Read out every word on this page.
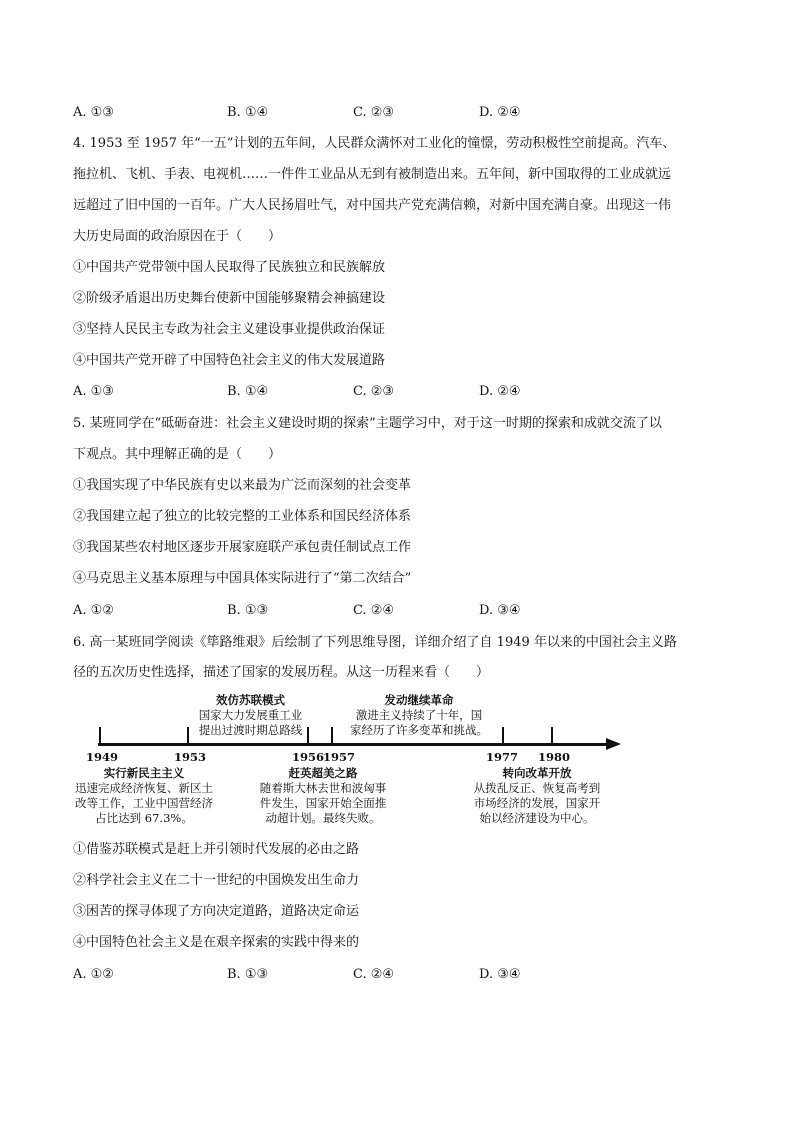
A. ①③	B. ①④	C. ②③	D. ②④
4. 1953 至 1957 年“一五”计划的五年间，人民群众满怀对工业化的憧憬，劳动积极性空前提高。汽车、
拖拉机、飞机、手表、电视机……一件件工业品从无到有被制造出来。五年间，新中国取得的工业成就远
远超过了旧中国的一百年。广大人民扬眉吐气，对中国共产党充满信赖，对新中国充满自豪。出现这一伟
大历史局面的政治原因在于（　　）
①中国共产党带领中国人民取得了民族独立和民族解放
②阶级矛盾退出历史舞台使新中国能够聚精会神搞建设
③坚持人民民主专政为社会主义建设事业提供政治保证
④中国共产党开辟了中国特色社会主义的伟大发展道路
A. ①③	B. ①④	C. ②③	D. ②④
5. 某班同学在“砥砺奋进：社会主义建设时期的探索”主题学习中，对于这一时期的探索和成就交流了以
下观点。其中理解正确的是（　　）
①我国实现了中华民族有史以来最为广泛而深刻的社会变革
②我国建立起了独立的比较完整的工业体系和国民经济体系
③我国某些农村地区逐步开展家庭联产承包责任制试点工作
④马克思主义基本原理与中国具体实际进行了“第二次结合”
A. ①②	B. ①③	C. ②④	D. ③④
6. 高一某班同学阅读《筚路维艰》后绘制了下列思维导图，详细介绍了自 1949 年以来的中国社会主义路
径的五次历史性选择，描述了国家的发展历程。从这一历程来看（　　）
效仿苏联模式
国家大力发展重工业
提出过渡时期总路线
发动继续革命
激进主义持续了十年，国
家经历了许多变革和挑战。
1949	1953	1956
1957	1977 1980
实行新民主主义
迅速完成经济恢复、新区土
改等工作，工业中国营经济
占比达到 67.3%。
赶英超美之路
随着斯大林去世和波匈事
件发生，国家开始全面推
动超计划。最终失败。
转向改革开放
从拨乱反正、恢复高考到
市场经济的发展，国家开
始以经济建设为中心。
①借鉴苏联模式是赶上并引领时代发展的必由之路
②科学社会主义在二十一世纪的中国焕发出生命力
③困苦的探寻体现了方向决定道路，道路决定命运
④中国特色社会主义是在艰辛探索的实践中得来的
A. ①②	B. ①③	C. ②④	D. ③④
